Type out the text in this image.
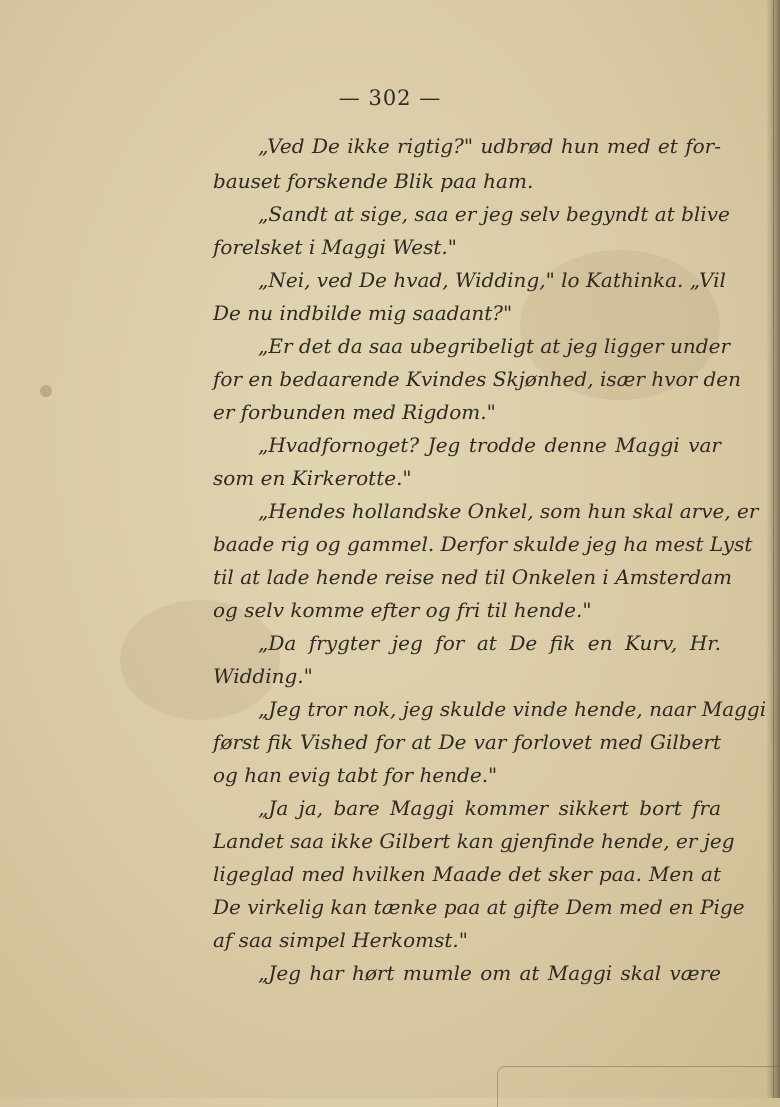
— 302 —
„Ved De ikke rigtig?" udbrød hun med et for-
bauset forskende Blik paa ham.
„Sandt at sige, saa er jeg selv begyndt at blive
forelsket i Maggi West."
„Nei, ved De hvad, Widding," lo Kathinka. „Vil
De nu indbilde mig saadant?"
„Er det da saa ubegribeligt at jeg ligger under
for en bedaarende Kvindes Skjønhed, især hvor den
er forbunden med Rigdom."
„Hvadfornoget? Jeg trodde denne Maggi var
som en Kirkerotte."
„Hendes hollandske Onkel, som hun skal arve, er
baade rig og gammel. Derfor skulde jeg ha mest Lyst
til at lade hende reise ned til Onkelen i Amsterdam
og selv komme efter og fri til hende."
„Da frygter jeg for at De fik en Kurv, Hr.
Widding."
„Jeg tror nok, jeg skulde vinde hende, naar Maggi
først fik Vished for at De var forlovet med Gilbert
og han evig tabt for hende."
„Ja ja, bare Maggi kommer sikkert bort fra
Landet saa ikke Gilbert kan gjenfinde hende, er jeg
ligeglad med hvilken Maade det sker paa. Men at
De virkelig kan tænke paa at gifte Dem med en Pige
af saa simpel Herkomst."
„Jeg har hørt mumle om at Maggi skal være
